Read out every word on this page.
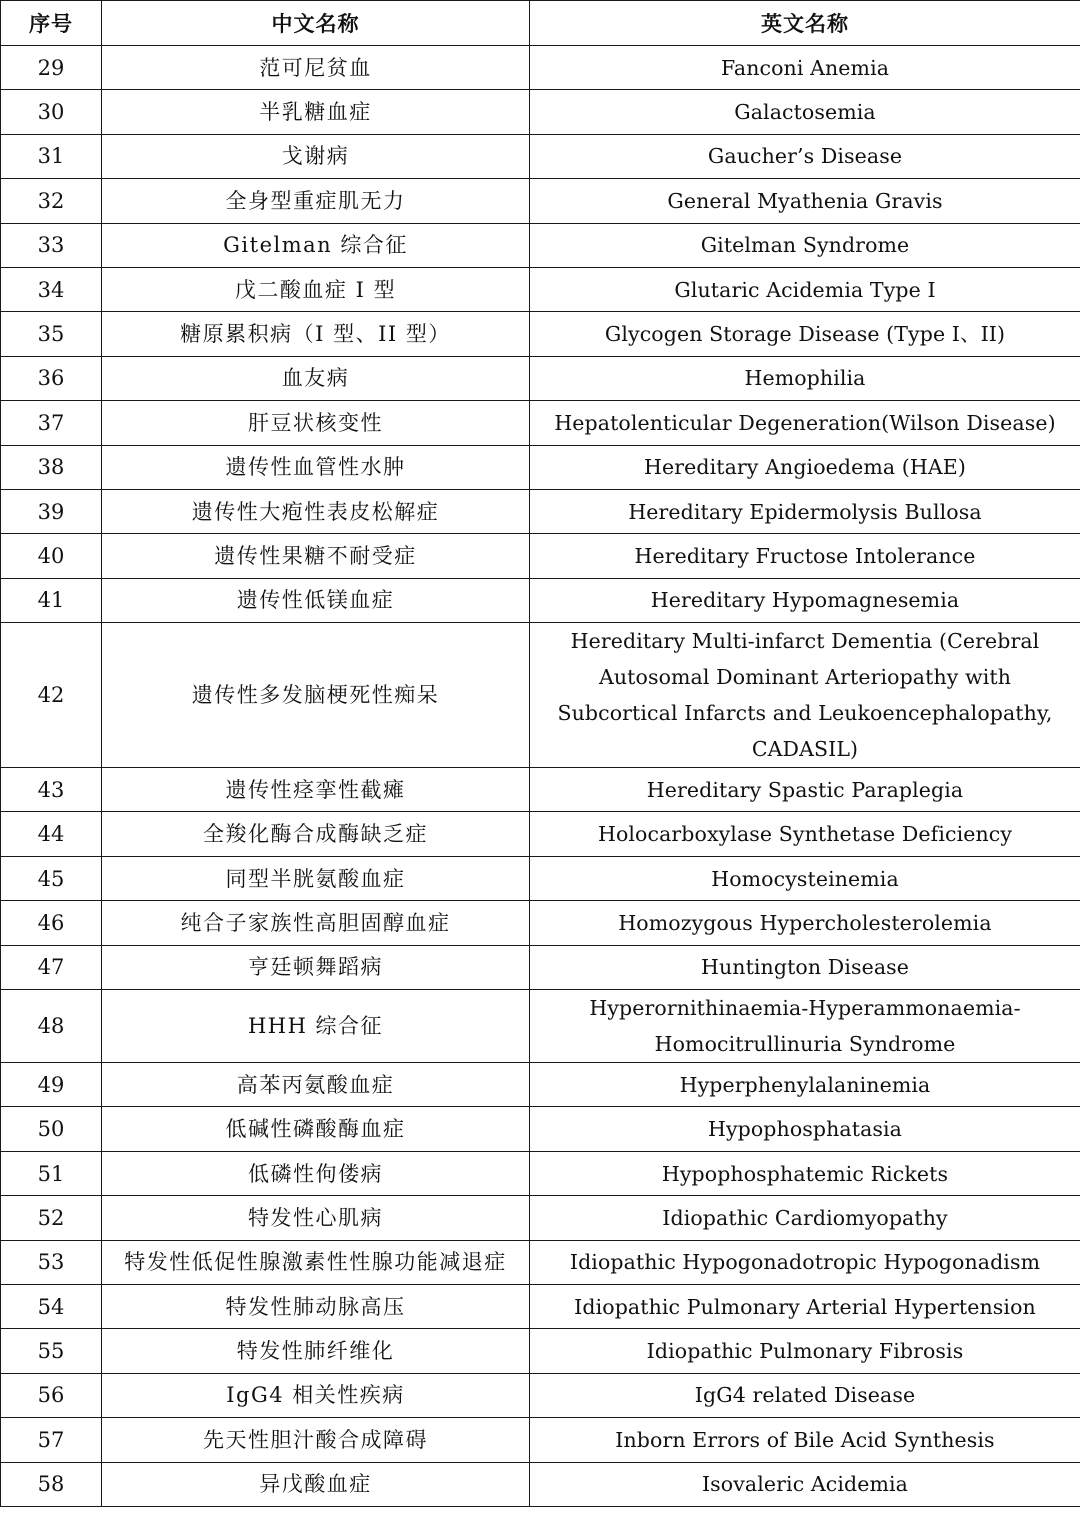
序号	中文名称	英文名称
29	范可尼贫血	Fanconi Anemia
30	半乳糖血症	Galactosemia
31	戈谢病	Gaucher’s Disease
32	全身型重症肌无力	General Myathenia Gravis
33	Gitelman 综合征	Gitelman Syndrome
34	戊二酸血症 I 型	Glutaric Acidemia Type I
35	糖原累积病（I 型、II 型）	Glycogen Storage Disease (Type I、II)
36	血友病	Hemophilia
37	肝豆状核变性	Hepatolenticular Degeneration(Wilson Disease)
38	遗传性血管性水肿	Hereditary Angioedema (HAE)
39	遗传性大疱性表皮松解症	Hereditary Epidermolysis Bullosa
40	遗传性果糖不耐受症	Hereditary Fructose Intolerance
41	遗传性低镁血症	Hereditary Hypomagnesemia
42	遗传性多发脑梗死性痴呆	Hereditary Multi-infarct Dementia (Cerebral Autosomal Dominant Arteriopathy with Subcortical Infarcts and Leukoencephalopathy, CADASIL)
43	遗传性痉挛性截瘫	Hereditary Spastic Paraplegia
44	全羧化酶合成酶缺乏症	Holocarboxylase Synthetase Deficiency
45	同型半胱氨酸血症	Homocysteinemia
46	纯合子家族性高胆固醇血症	Homozygous Hypercholesterolemia
47	亨廷顿舞蹈病	Huntington Disease
48	HHH 综合征	Hyperornithinaemia-Hyperammonaemia-Homocitrullinuria Syndrome
49	高苯丙氨酸血症	Hyperphenylalaninemia
50	低碱性磷酸酶血症	Hypophosphatasia
51	低磷性佝偻病	Hypophosphatemic Rickets
52	特发性心肌病	Idiopathic Cardiomyopathy
53	特发性低促性腺激素性性腺功能减退症	Idiopathic Hypogonadotropic Hypogonadism
54	特发性肺动脉高压	Idiopathic Pulmonary Arterial Hypertension
55	特发性肺纤维化	Idiopathic Pulmonary Fibrosis
56	IgG4 相关性疾病	IgG4 related Disease
57	先天性胆汁酸合成障碍	Inborn Errors of Bile Acid Synthesis
58	异戊酸血症	Isovaleric Acidemia
